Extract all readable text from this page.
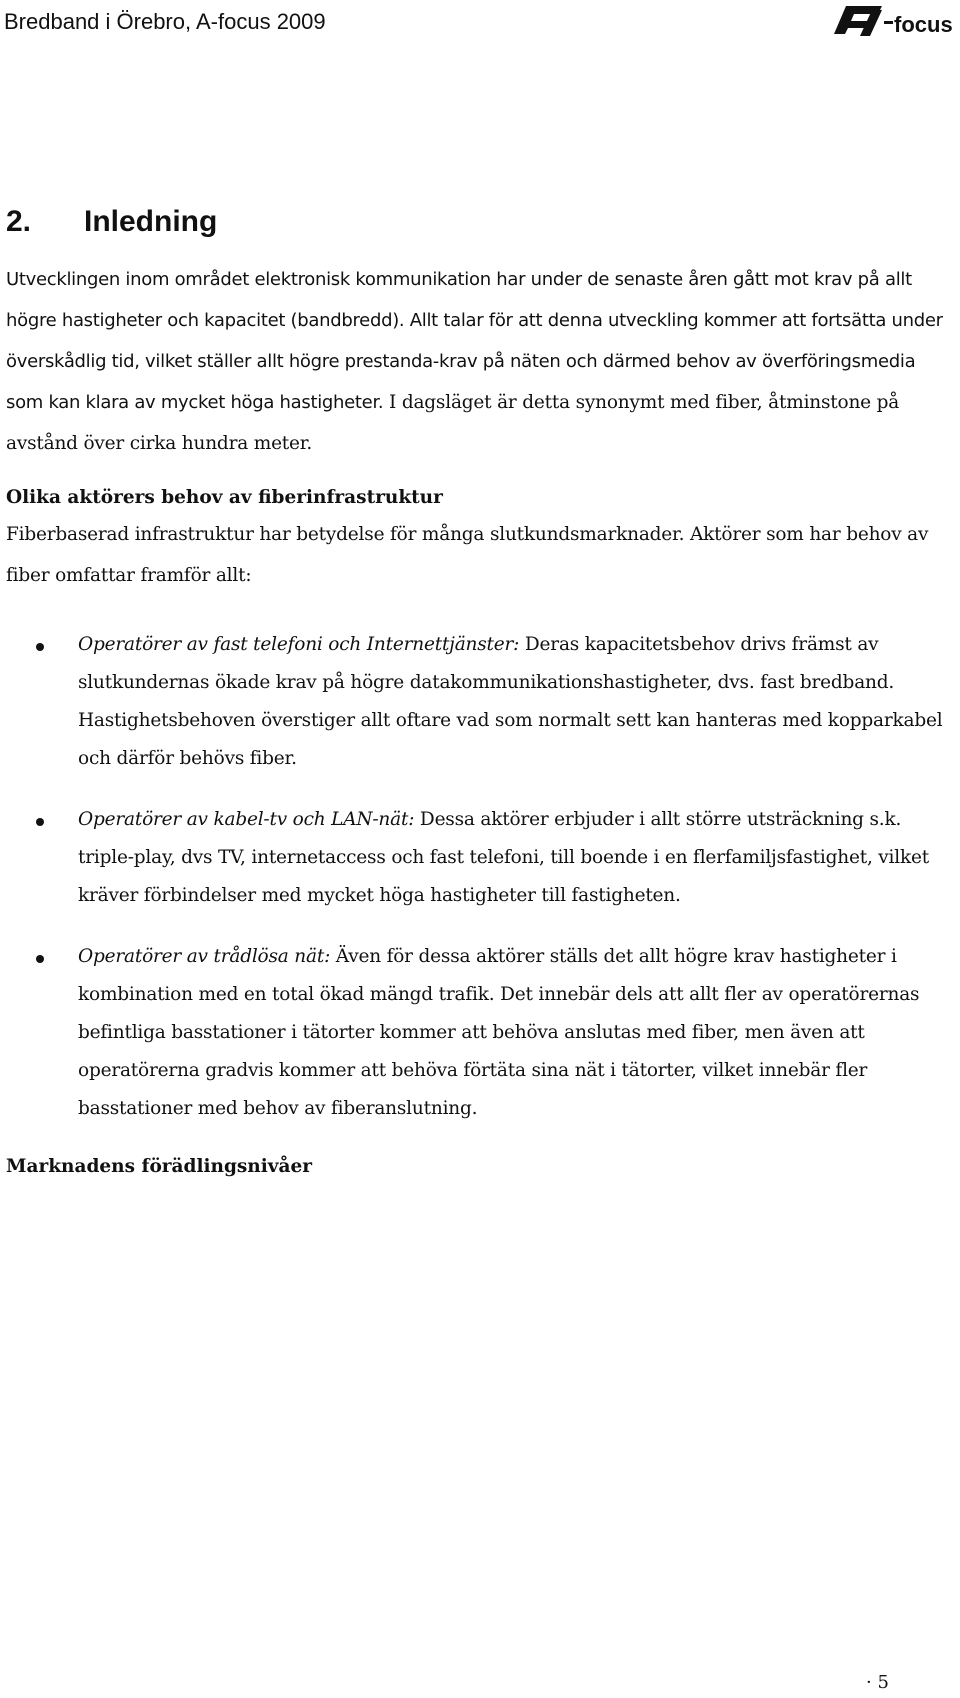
Bredband i Örebro, A-focus 2009	focus
2.	Inledning

Utvecklingen inom området elektronisk kommunikation har under de senaste åren gått mot krav på allt högre hastigheter och kapacitet (bandbredd). Allt talar för att denna utveckling kommer att fortsätta under överskådlig tid, vilket ställer allt högre prestanda-krav på näten och därmed behov av överföringsmedia som kan klara av mycket höga hastigheter. I dagsläget är detta synonymt med fiber, åtminstone på avstånd över cirka hundra meter.

Olika aktörers behov av fiberinfrastruktur

Fiberbaserad infrastruktur har betydelse för många slutkundsmarknader. Aktörer som har behov av fiber omfattar framför allt:

Operatörer av fast telefoni och Internettjänster: Deras kapacitetsbehov drivs främst av slutkundernas ökade krav på högre datakommunikationshastigheter, dvs. fast bredband. Hastighetsbehoven överstiger allt oftare vad som normalt sett kan hanteras med kopparkabel och därför behövs fiber.

Operatörer av kabel-tv och LAN-nät: Dessa aktörer erbjuder i allt större utsträckning s.k. triple-play, dvs TV, internetaccess och fast telefoni, till boende i en flerfamiljsfastighet, vilket kräver förbindelser med mycket höga hastigheter till fastigheten.

Operatörer av trådlösa nät: Även för dessa aktörer ställs det allt högre krav hastigheter i kombination med en total ökad mängd trafik. Det innebär dels att allt fler av operatörernas befintliga basstationer i tätorter kommer att behöva anslutas med fiber, men även att operatörerna gradvis kommer att behöva förtäta sina nät i tätorter, vilket innebär fler basstationer med behov av fiberanslutning.

Marknadens förädlingsnivåer
· 5
